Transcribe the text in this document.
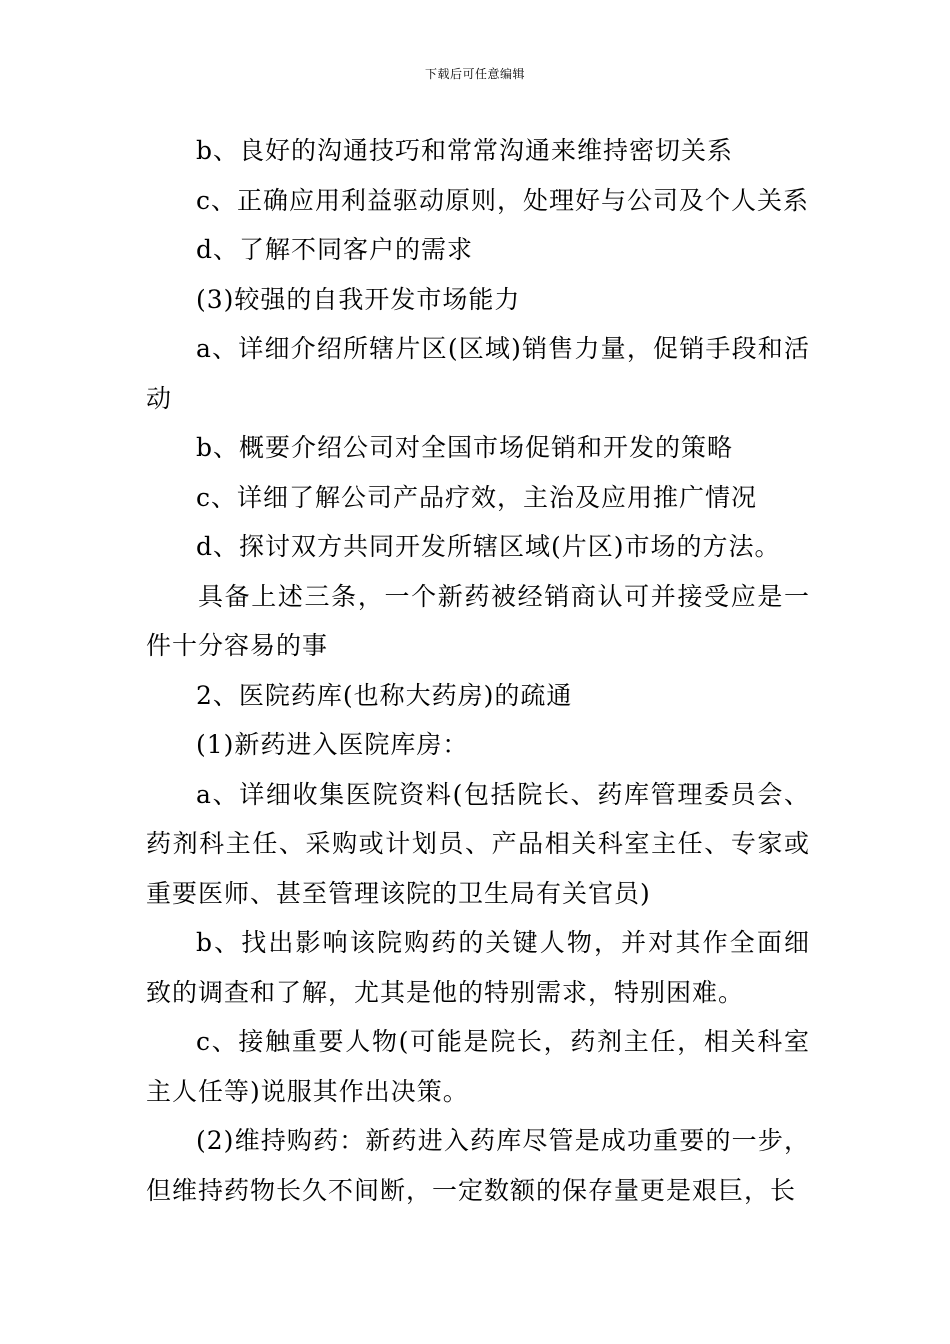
下载后可任意编辑

b、良好的沟通技巧和常常沟通来维持密切关系

c、正确应用利益驱动原则，处理好与公司及个人关系

d、了解不同客户的需求

(3)较强的自我开发市场能力

a、详细介绍所辖片区(区域)销售力量，促销手段和活动

b、概要介绍公司对全国市场促销和开发的策略

c、详细了解公司产品疗效，主治及应用推广情况

d、探讨双方共同开发所辖区域(片区)市场的方法。

具备上述三条，一个新药被经销商认可并接受应是一件十分容易的事

2、医院药库(也称大药房)的疏通

(1)新药进入医院库房：

a、详细收集医院资料(包括院长、药库管理委员会、药剂科主任、采购或计划员、产品相关科室主任、专家或重要医师、甚至管理该院的卫生局有关官员)

b、找出影响该院购药的关键人物，并对其作全面细致的调查和了解，尤其是他的特别需求，特别困难。

c、接触重要人物(可能是院长，药剂主任，相关科室主人任等)说服其作出决策。

(2)维持购药：新药进入药库尽管是成功重要的一步，但维持药物长久不间断，一定数额的保存量更是艰巨，长
